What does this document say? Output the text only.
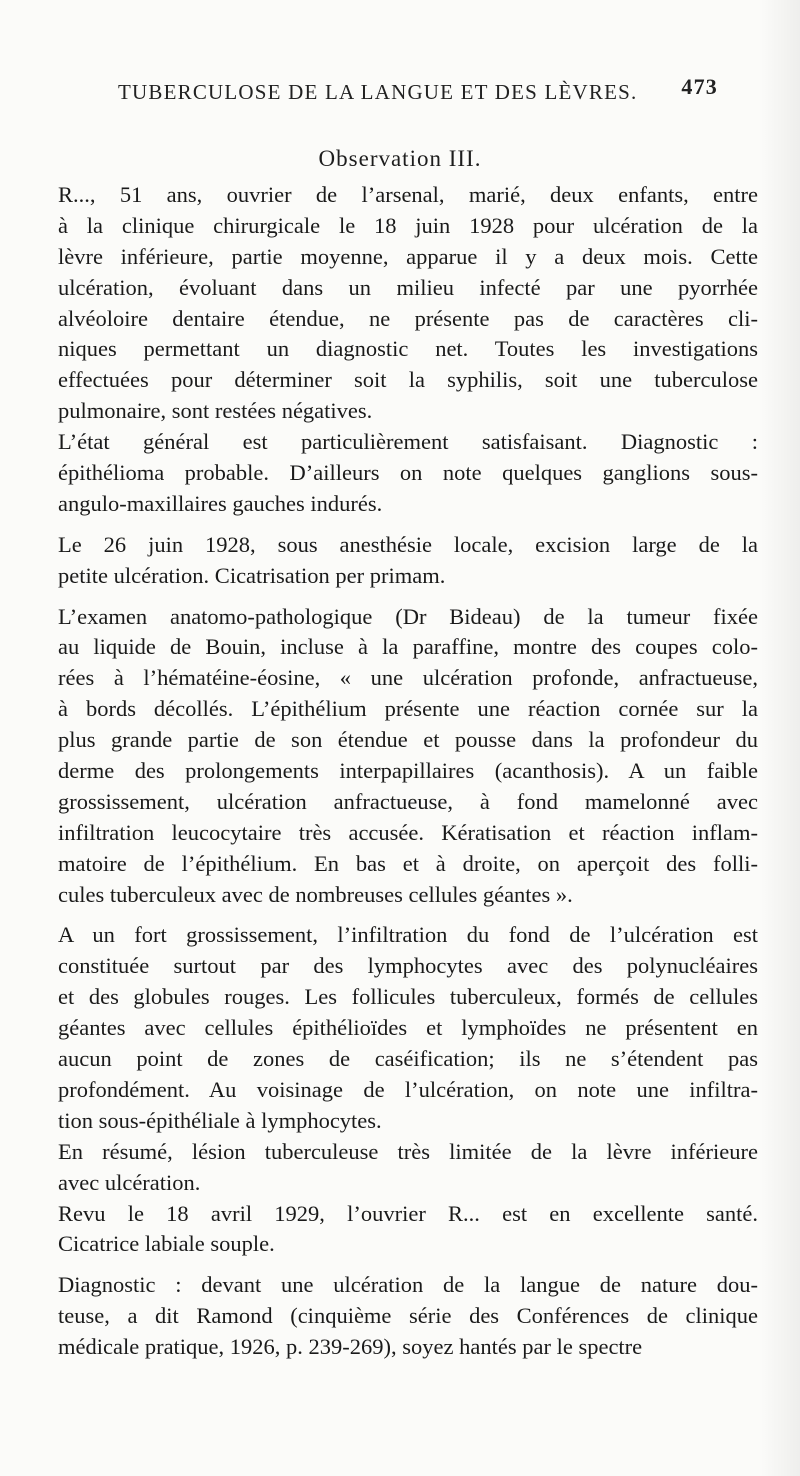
TUBERCULOSE DE LA LANGUE ET DES LÈVRES. 473
Observation III.
R..., 51 ans, ouvrier de l’arsenal, marié, deux enfants, entre
à la clinique chirurgicale le 18 juin 1928 pour ulcération de la
lèvre inférieure, partie moyenne, apparue il y a deux mois. Cette
ulcération, évoluant dans un milieu infecté par une pyorrhée
alvéoloire dentaire étendue, ne présente pas de caractères cli-
niques permettant un diagnostic net. Toutes les investigations
effectuées pour déterminer soit la syphilis, soit une tuberculose
pulmonaire, sont restées négatives.
L’état général est particulièrement satisfaisant. Diagnostic :
épithélioma probable. D’ailleurs on note quelques ganglions sous-
angulo-maxillaires gauches indurés.
Le 26 juin 1928, sous anesthésie locale, excision large de la
petite ulcération. Cicatrisation per primam.
L’examen anatomo-pathologique (Dr Bideau) de la tumeur fixée
au liquide de Bouin, incluse à la paraffine, montre des coupes colo-
rées à l’hématéine-éosine, « une ulcération profonde, anfractueuse,
à bords décollés. L’épithélium présente une réaction cornée sur la
plus grande partie de son étendue et pousse dans la profondeur du
derme des prolongements interpapillaires (acanthosis). A un faible
grossissement, ulcération anfractueuse, à fond mamelonné avec
infiltration leucocytaire très accusée. Kératisation et réaction inflam-
matoire de l’épithélium. En bas et à droite, on aperçoit des folli-
cules tuberculeux avec de nombreuses cellules géantes ».
A un fort grossissement, l’infiltration du fond de l’ulcération est
constituée surtout par des lymphocytes avec des polynucléaires
et des globules rouges. Les follicules tuberculeux, formés de cellules
géantes avec cellules épithélioïdes et lymphoïdes ne présentent en
aucun point de zones de caséification; ils ne s’étendent pas
profondément. Au voisinage de l’ulcération, on note une infiltra-
tion sous-épithéliale à lymphocytes.
En résumé, lésion tuberculeuse très limitée de la lèvre inférieure
avec ulcération.
Revu le 18 avril 1929, l’ouvrier R... est en excellente santé.
Cicatrice labiale souple.
Diagnostic : devant une ulcération de la langue de nature dou-
teuse, a dit Ramond (cinquième série des Conférences de clinique
médicale pratique, 1926, p. 239-269), soyez hantés par le spectre
